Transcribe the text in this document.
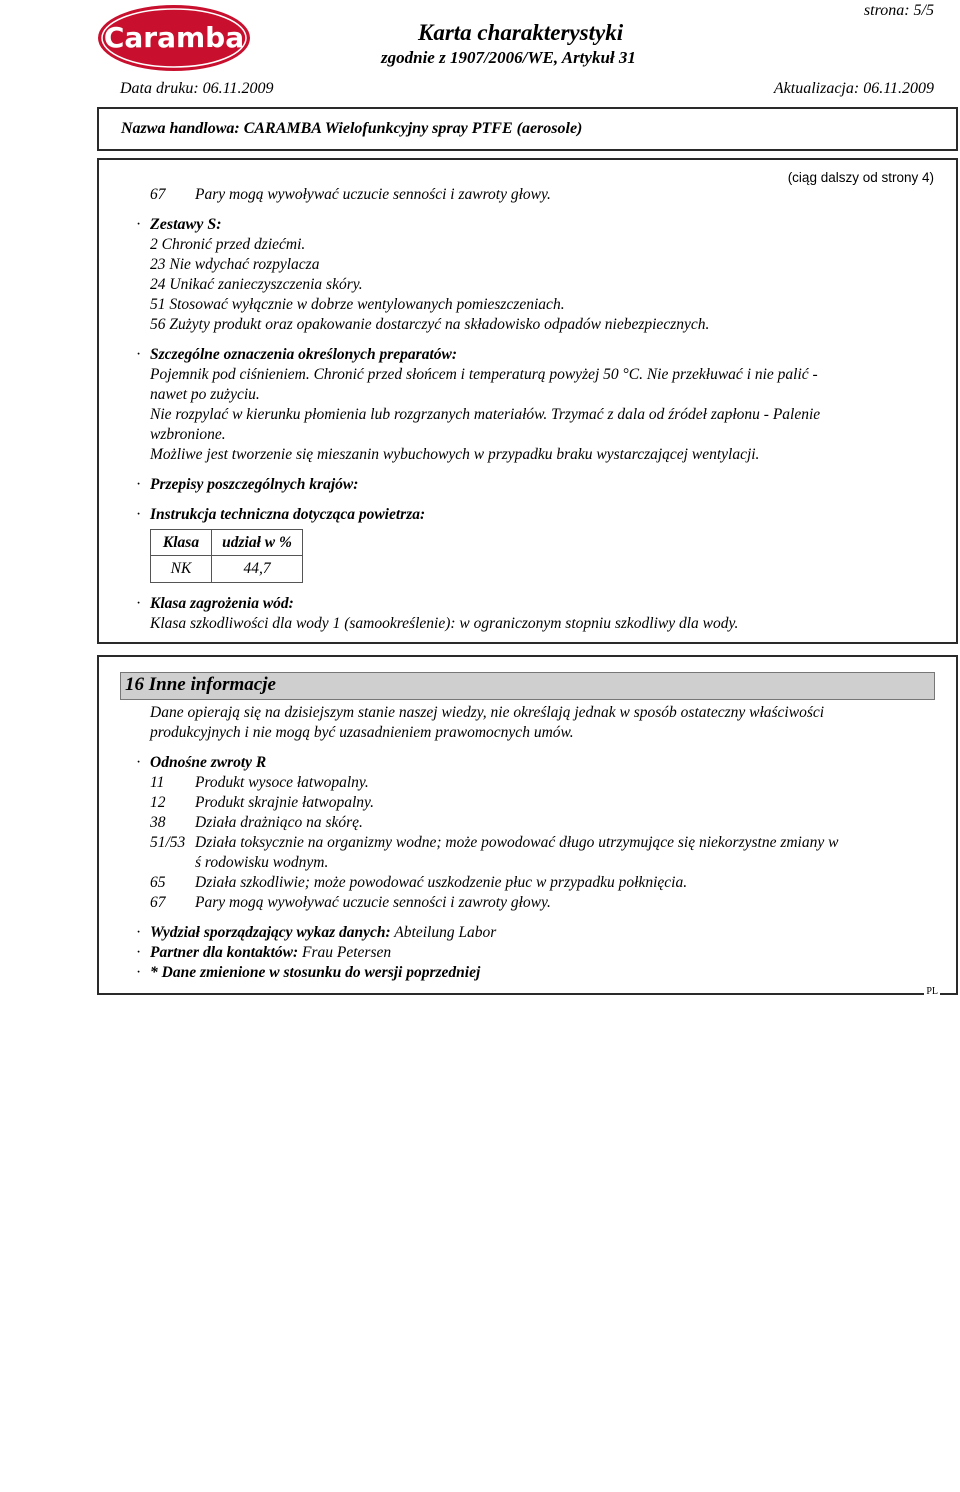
Caramba
strona: 5/5
Karta charakterystyki
zgodnie z 1907/2006/WE, Artykuł 31
Data druku: 06.11.2009	Aktualizacja: 06.11.2009
Nazwa handlowa: CARAMBA Wielofunkcyjny spray PTFE (aerosole)
(ciąg dalszy od strony 4)
67 Pary mogą wywoływać uczucie senności i zawroty głowy.
· Zestawy S:
2 Chronić przed dziećmi.
23 Nie wdychać rozpylacza
24 Unikać zanieczyszczenia skóry.
51 Stosować wyłącznie w dobrze wentylowanych pomieszczeniach.
56 Zużyty produkt oraz opakowanie dostarczyć na składowisko odpadów niebezpiecznych.
· Szczególne oznaczenia określonych preparatów:
Pojemnik pod ciśnieniem. Chronić przed słońcem i temperaturą powyżej 50 °C. Nie przekłuwać i nie palić -
nawet po zużyciu.
Nie rozpylać w kierunku płomienia lub rozgrzanych materiałów. Trzymać z dala od źródeł zapłonu - Palenie
wzbronione.
Możliwe jest tworzenie się mieszanin wybuchowych w przypadku braku wystarczającej wentylacji.
· Przepisy poszczególnych krajów:
· Instrukcja techniczna dotycząca powietrza:
Klasa	udział w %
NK	44,7
· Klasa zagrożenia wód:
Klasa szkodliwości dla wody 1 (samookreślenie): w ograniczonym stopniu szkodliwy dla wody.
16 Inne informacje
Dane opierają się na dzisiejszym stanie naszej wiedzy, nie określają jednak w sposób ostateczny właściwości
produkcyjnych i nie mogą być uzasadnieniem prawomocnych umów.
· Odnośne zwroty R
11 Produkt wysoce łatwopalny.
12 Produkt skrajnie łatwopalny.
38 Działa drażniąco na skórę.
51/53 Działa toksycznie na organizmy wodne; może powodować długo utrzymujące się niekorzystne zmiany w
ś rodowisku wodnym.
65 Działa szkodliwie; może powodować uszkodzenie płuc w przypadku połknięcia.
67 Pary mogą wywoływać uczucie senności i zawroty głowy.
· Wydział sporządzający wykaz danych: Abteilung Labor
· Partner dla kontaktów: Frau Petersen
· * Dane zmienione w stosunku do wersji poprzedniej
PL
